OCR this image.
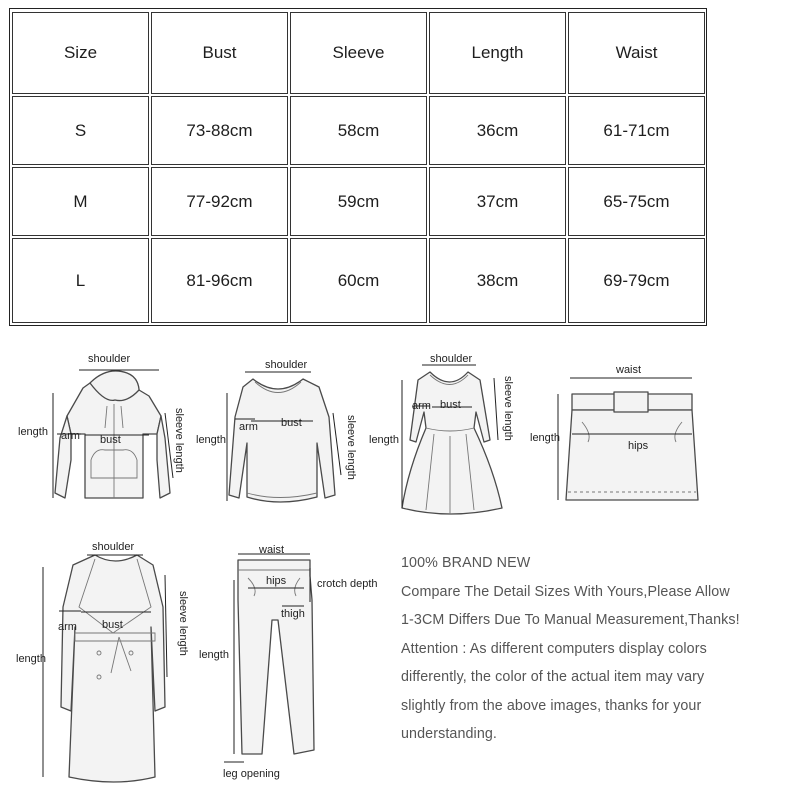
Size	Bust	Sleeve	Length	Waist
S	73-88cm	58cm	36cm	61-71cm
M	77-92cm	59cm	37cm	65-75cm
L	81-96cm	60cm	38cm	69-79cm
shoulder
length arm bust	sleeve length
shoulder
length
arm bust	sleeve length
shoulder
length
arm bust	sleeve length
waist
length
hips
shoulder
length
arm bust	sleeve length
waist
hips	crotch depth
thigh
length
leg opening

100% BRAND NEW

Compare The Detail Sizes With Yours,Please Allow

1-3CM Differs Due To Manual Measurement,Thanks!

Attention : As different computers display colors

differently, the color of the actual item may vary

slightly from the above images, thanks for your

understanding.
